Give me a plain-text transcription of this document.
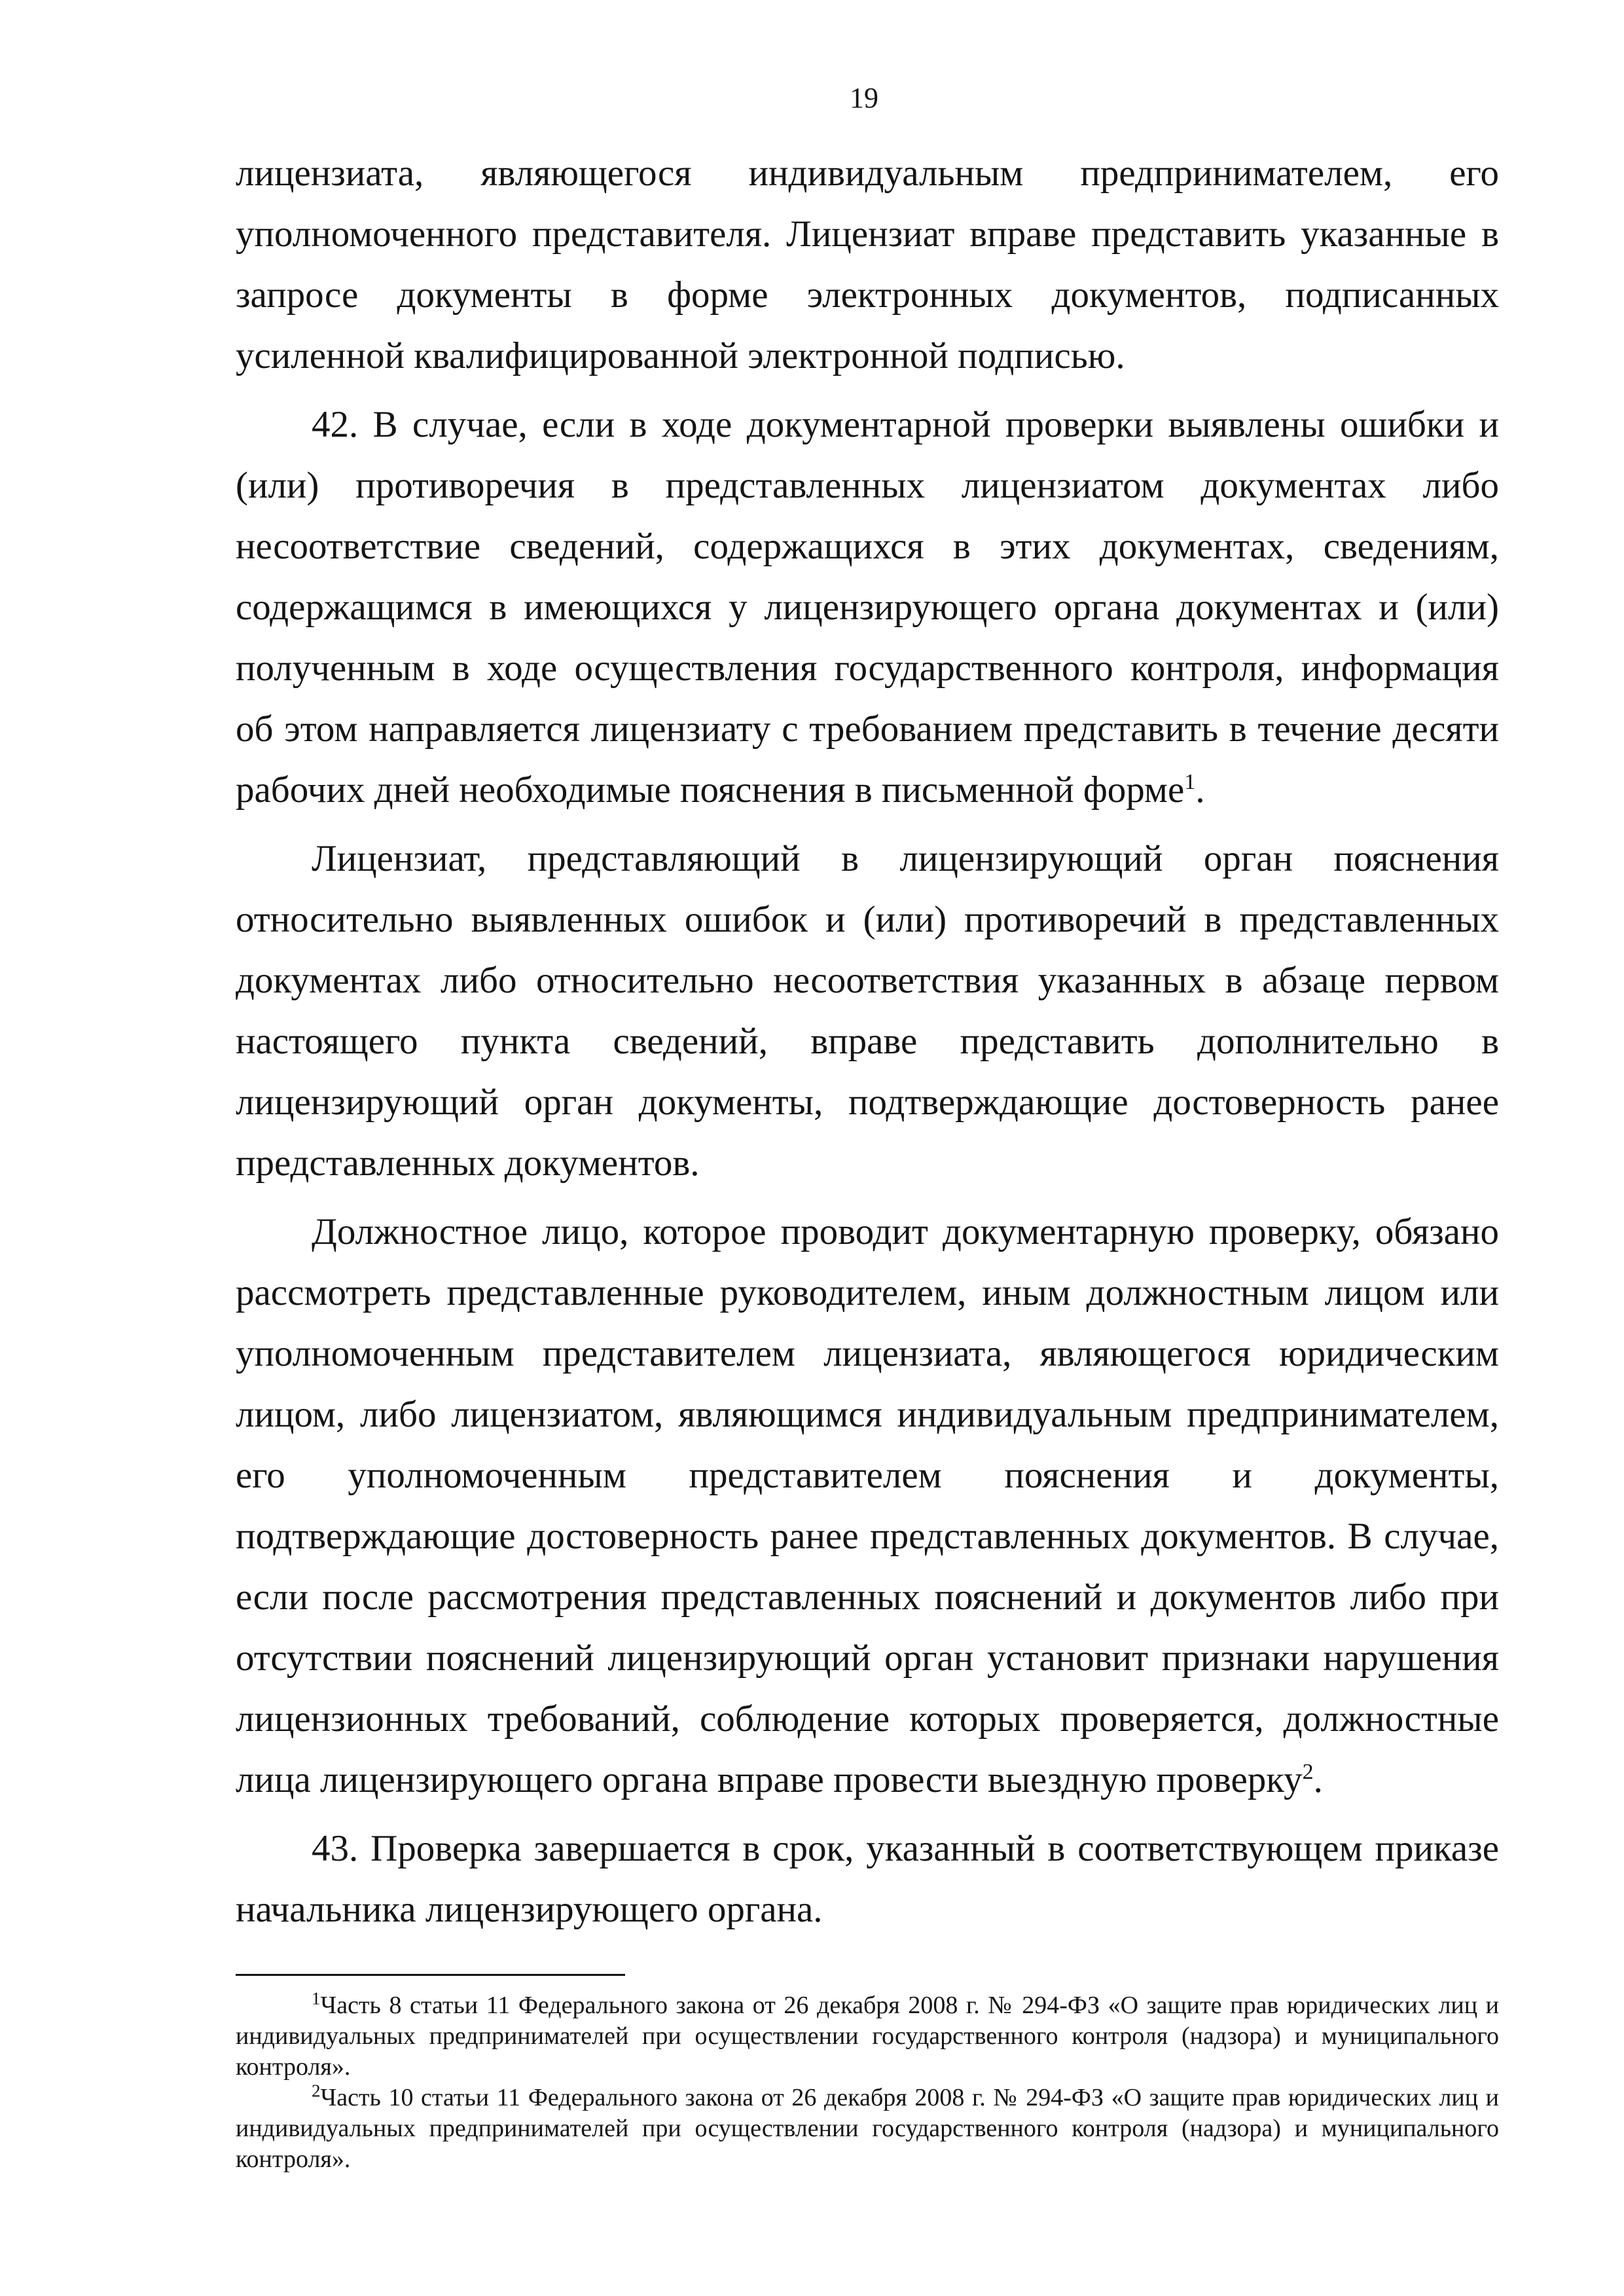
19

лицензиата, являющегося индивидуальным предпринимателем, его уполномоченного представителя. Лицензиат вправе представить указанные в запросе документы в форме электронных документов, подписанных усиленной квалифицированной электронной подписью.

42. В случае, если в ходе документарной проверки выявлены ошибки и (или) противоречия в представленных лицензиатом документах либо несоответствие сведений, содержащихся в этих документах, сведениям, содержащимся в имеющихся у лицензирующего органа документах и (или) полученным в ходе осуществления государственного контроля, информация об этом направляется лицензиату с требованием представить в течение десяти рабочих дней необходимые пояснения в письменной форме$^1$.

Лицензиат, представляющий в лицензирующий орган пояснения относительно выявленных ошибок и (или) противоречий в представленных документах либо относительно несоответствия указанных в абзаце первом настоящего пункта сведений, вправе представить дополнительно в лицензирующий орган документы, подтверждающие достоверность ранее представленных документов.

Должностное лицо, которое проводит документарную проверку, обязано рассмотреть представленные руководителем, иным должностным лицом или уполномоченным представителем лицензиата, являющегося юридическим лицом, либо лицензиатом, являющимся индивидуальным предпринимателем, его уполномоченным представителем пояснения и документы, подтверждающие достоверность ранее представленных документов. В случае, если после рассмотрения представленных пояснений и документов либо при отсутствии пояснений лицензирующий орган установит признаки нарушения лицензионных требований, соблюдение которых проверяется, должностные лица лицензирующего органа вправе провести выездную проверку$^2$.

43. Проверка завершается в срок, указанный в соответствующем приказе начальника лицензирующего органа.

$^1$Часть 8 статьи 11 Федерального закона от 26 декабря 2008 г. № 294-ФЗ «О защите прав юридических лиц и индивидуальных предпринимателей при осуществлении государственного контроля (надзора) и муниципального контроля».

$^2$Часть 10 статьи 11 Федерального закона от 26 декабря 2008 г. № 294-ФЗ «О защите прав юридических лиц и индивидуальных предпринимателей при осуществлении государственного контроля (надзора) и муниципального контроля».
